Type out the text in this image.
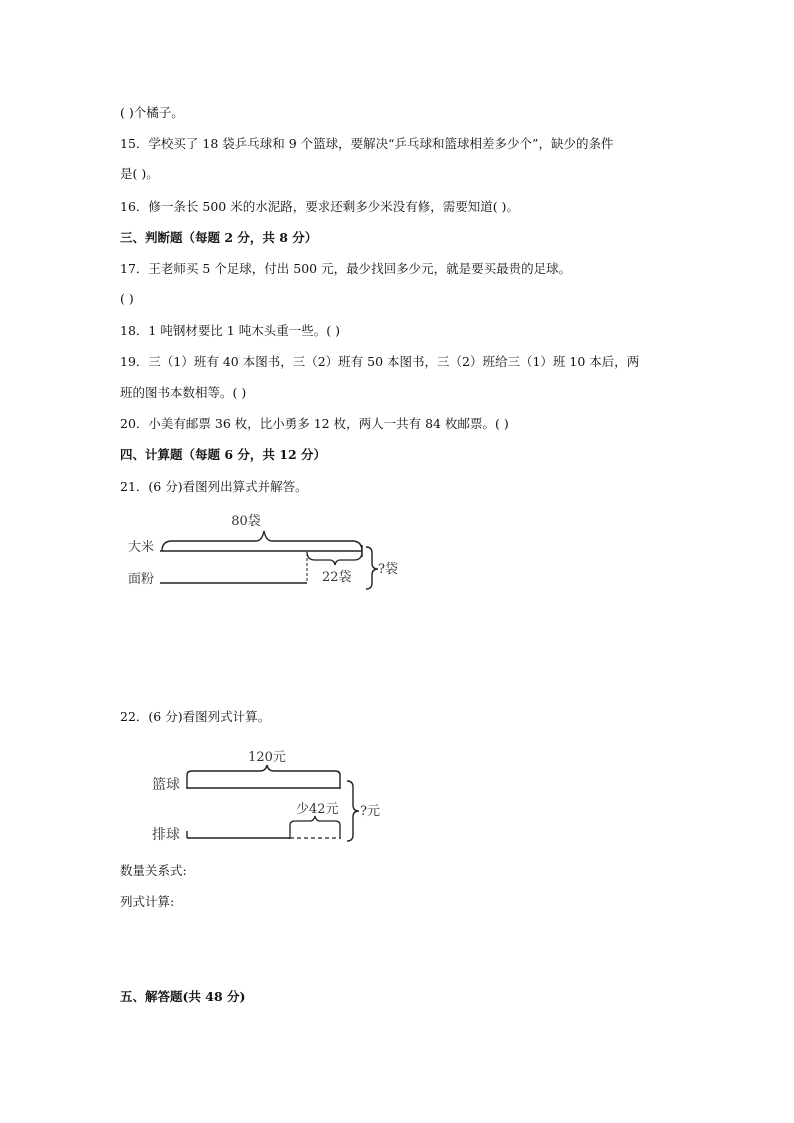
( )个橘子。
15．学校买了 18 袋乒乓球和 9 个篮球，要解决“乒乓球和篮球相差多少个”，缺少的条件
是( )。
16．修一条长 500 米的水泥路，要求还剩多少米没有修，需要知道( )。
三、判断题（每题 2 分，共 8 分）
17．王老师买 5 个足球，付出 500 元，最少找回多少元，就是要买最贵的足球。
( )
18．1 吨钢材要比 1 吨木头重一些。( )
19．三（1）班有 40 本图书，三（2）班有 50 本图书，三（2）班给三（1）班 10 本后，两
班的图书本数相等。( )
20．小美有邮票 36 枚，比小勇多 12 枚，两人一共有 84 枚邮票。( )
四、计算题（每题 6 分，共 12 分）
21．(6 分)看图列出算式并解答。
80袋
大米
22袋
面粉
?袋
22．(6 分)看图列式计算。
120元
篮球
少42元
排球
?元
数量关系式:
列式计算:
五、解答题(共 48 分)
